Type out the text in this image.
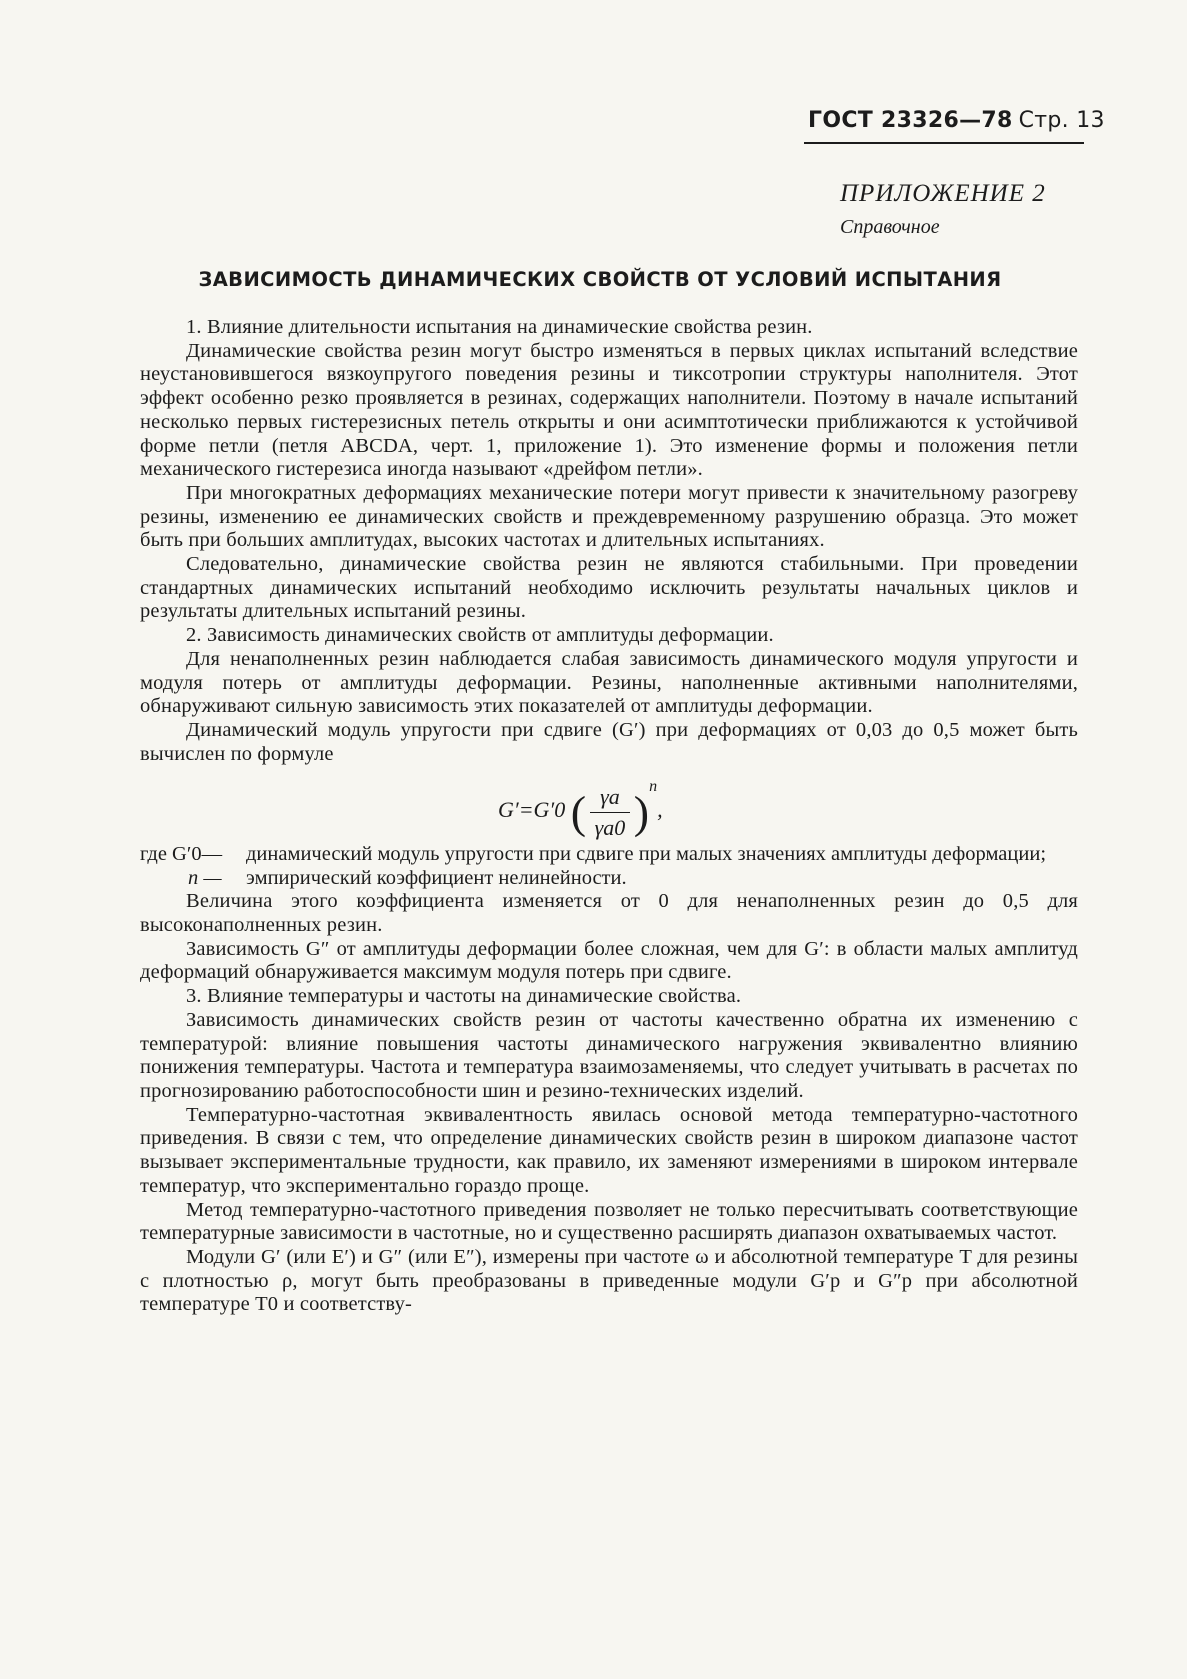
ГОСТ 23326—78 Стр. 13
ПРИЛОЖЕНИЕ 2
Справочное
ЗАВИСИМОСТЬ ДИНАМИЧЕСКИХ СВОЙСТВ ОТ УСЛОВИЙ ИСПЫТАНИЯ

1. Влияние длительности испытания на динамические свойства резин.

Динамические свойства резин могут быстро изменяться в первых циклах испытаний вследствие неустановившегося вязкоупругого поведения резины и тиксотропии структуры наполнителя. Этот эффект особенно резко проявляется в резинах, содержащих наполнители. Поэтому в начале испытаний несколько первых гистерезисных петель открыты и они асимптотически приближаются к устойчивой форме петли (петля ABCDA, черт. 1, приложение 1). Это изменение формы и положения петли механического гистерезиса иногда называют «дрейфом петли».

При многократных деформациях механические потери могут привести к значительному разогреву резины, изменению ее динамических свойств и преждевременному разрушению образца. Это может быть при больших амплитудах, высоких частотах и длительных испытаниях.

Следовательно, динамические свойства резин не являются стабильными. При проведении стандартных динамических испытаний необходимо исключить результаты начальных циклов и результаты длительных испытаний резины.

2. Зависимость динамических свойств от амплитуды деформации.

Для ненаполненных резин наблюдается слабая зависимость динамического модуля упругости и модуля потерь от амплитуды деформации. Резины, наполненные активными наполнителями, обнаруживают сильную зависимость этих показателей от амплитуды деформации.

Динамический модуль упругости при сдвиге (G′) при деформациях от 0,03 до 0,5 может быть вычислен по формуле

G′=G′0 ( $\frac{\gamma a}{\gamma a0} )^n$,
где G′0— динамический модуль упругости при сдвиге при малых значениях амплитуды деформации;
n — эмпирический коэффициент нелинейности.

Величина этого коэффициента изменяется от 0 для ненаполненных резин до 0,5 для высоконаполненных резин.

Зависимость G″ от амплитуды деформации более сложная, чем для G′: в области малых амплитуд деформаций обнаруживается максимум модуля потерь при сдвиге.

3. Влияние температуры и частоты на динамические свойства.

Зависимость динамических свойств резин от частоты качественно обратна их изменению с температурой: влияние повышения частоты динамического нагружения эквивалентно влиянию понижения температуры. Частота и температура взаимозаменяемы, что следует учитывать в расчетах по прогнозированию работоспособности шин и резино-технических изделий.

Температурно-частотная эквивалентность явилась основой метода температурно-частотного приведения. В связи с тем, что определение динамических свойств резин в широком диапазоне частот вызывает экспериментальные трудности, как правило, их заменяют измерениями в широком интервале температур, что экспериментально гораздо проще.

Метод температурно-частотного приведения позволяет не только пересчитывать соответствующие температурные зависимости в частотные, но и существенно расширять диапазон охватываемых частот.

Модули G′ (или E′) и G″ (или E″), измерены при частоте ω и абсолютной температуре T для резины с плотностью ρ, могут быть преобразованы в приведенные модули G′p и G″p при абсолютной температуре T0 и соответству-
